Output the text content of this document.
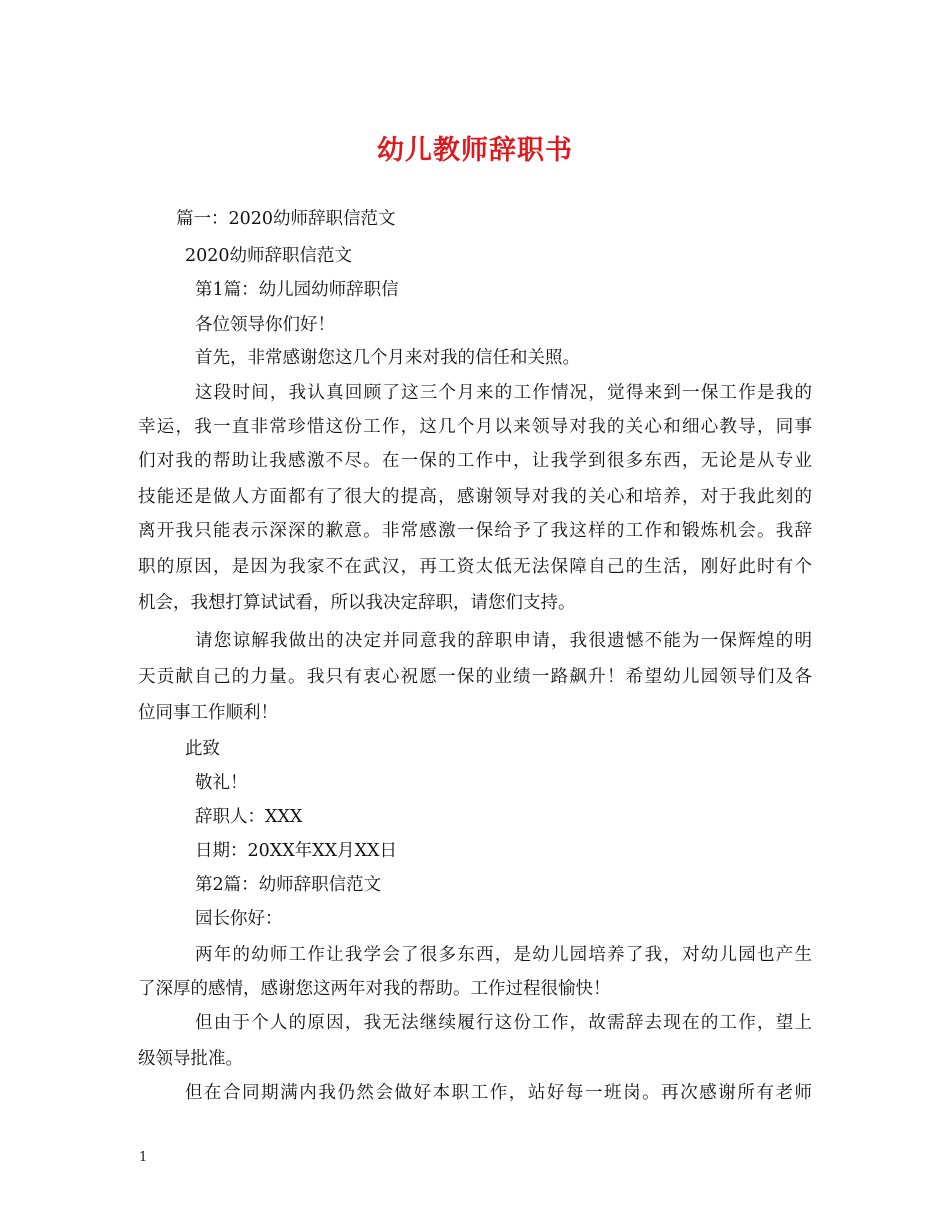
幼儿教师辞职书
篇一：2020幼师辞职信范文
2020幼师辞职信范文
第1篇：幼儿园幼师辞职信
各位领导你们好！
首先，非常感谢您这几个月来对我的信任和关照。
这段时间，我认真回顾了这三个月来的工作情况，觉得来到一保工作是我的
幸运，我一直非常珍惜这份工作，这几个月以来领导对我的关心和细心教导，同事
们对我的帮助让我感激不尽。在一保的工作中，让我学到很多东西，无论是从专业
技能还是做人方面都有了很大的提高，感谢领导对我的关心和培养，对于我此刻的
离开我只能表示深深的歉意。非常感激一保给予了我这样的工作和锻炼机会。我辞
职的原因，是因为我家不在武汉，再工资太低无法保障自己的生活，刚好此时有个
机会，我想打算试试看，所以我决定辞职，请您们支持。
请您谅解我做出的决定并同意我的辞职申请，我很遗憾不能为一保辉煌的明
天贡献自己的力量。我只有衷心祝愿一保的业绩一路飙升！希望幼儿园领导们及各
位同事工作顺利！
此致
敬礼！
辞职人：XXX
日期：20XX年XX月XX日
第2篇：幼师辞职信范文
园长你好：
两年的幼师工作让我学会了很多东西，是幼儿园培养了我，对幼儿园也产生
了深厚的感情，感谢您这两年对我的帮助。工作过程很愉快！
但由于个人的原因，我无法继续履行这份工作，故需辞去现在的工作，望上
级领导批准。
但在合同期满内我仍然会做好本职工作，站好每一班岗。再次感谢所有老师
1
